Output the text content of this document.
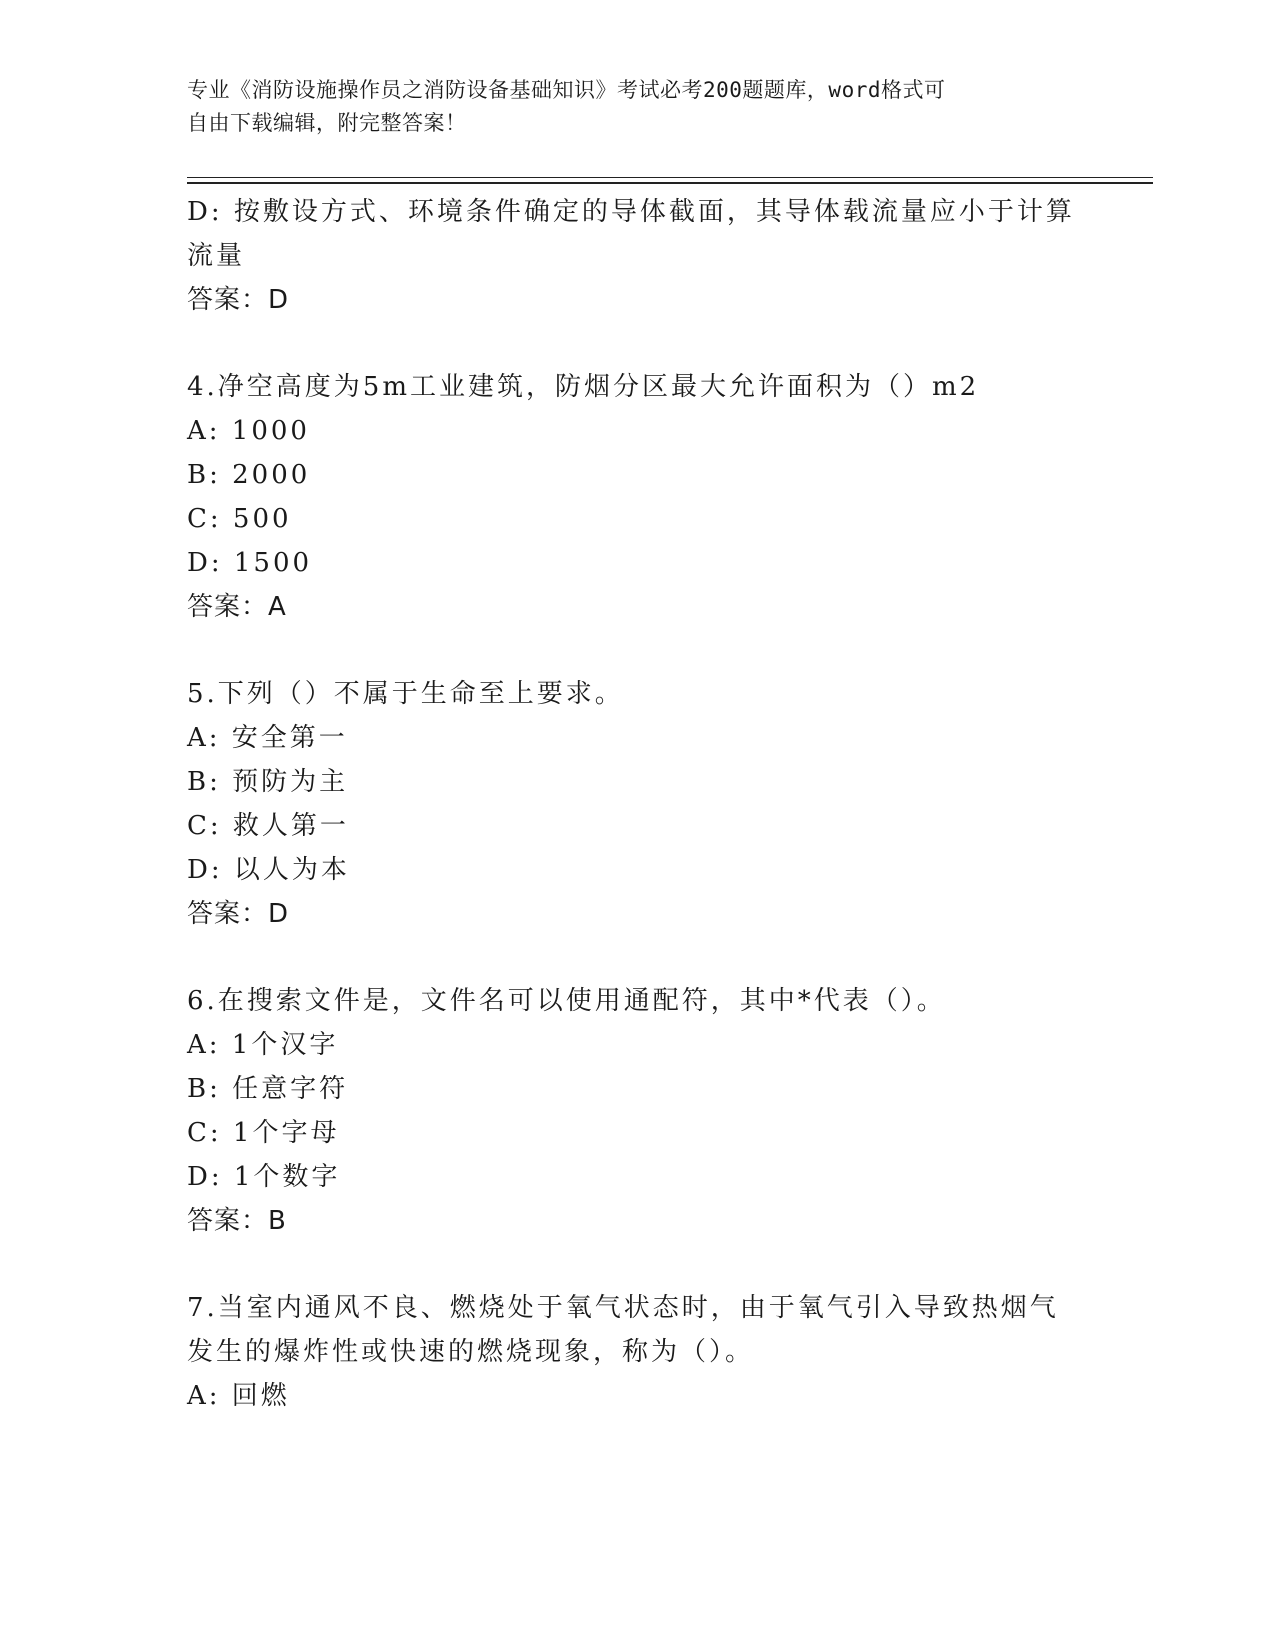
专业《消防设施操作员之消防设备基础知识》考试必考200题题库，word格式可
自由下载编辑，附完整答案！
D: 按敷设方式、环境条件确定的导体截面，其导体载流量应小于计算
流量
答案：D
4.净空高度为5m工业建筑，防烟分区最大允许面积为（）m2
A: 1000
B: 2000
C: 500
D: 1500
答案：A
5.下列（）不属于生命至上要求。
A: 安全第一
B: 预防为主
C: 救人第一
D: 以人为本
答案：D
6.在搜索文件是，文件名可以使用通配符，其中*代表（）。
A: 1个汉字
B: 任意字符
C: 1个字母
D: 1个数字
答案：B
7.当室内通风不良、燃烧处于氧气状态时，由于氧气引入导致热烟气
发生的爆炸性或快速的燃烧现象，称为（）。
A: 回燃
